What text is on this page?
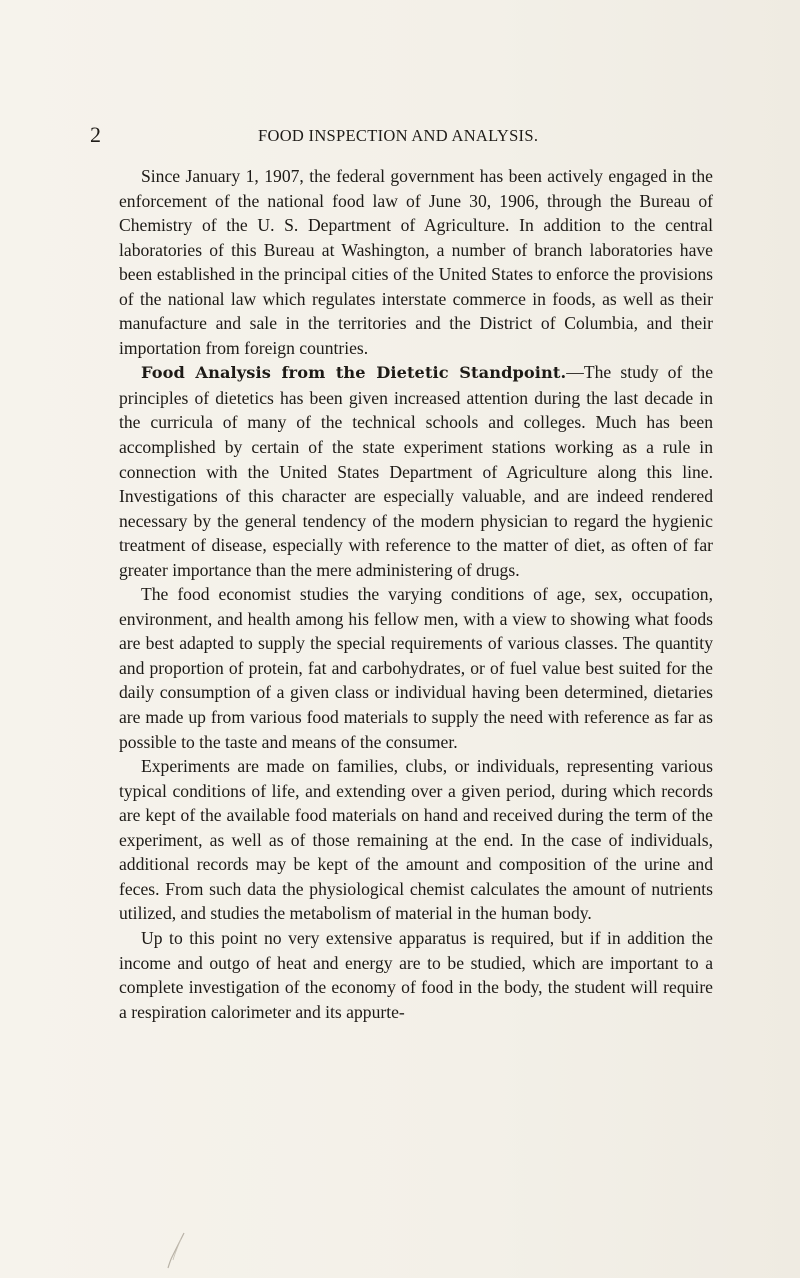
2	FOOD INSPECTION AND ANALYSIS.

Since January 1, 1907, the federal government has been actively engaged in the enforcement of the national food law of June 30, 1906, through the Bureau of Chemistry of the U. S. Department of Agriculture. In addition to the central laboratories of this Bureau at Washington, a number of branch laboratories have been established in the principal cities of the United States to enforce the provisions of the national law which regulates interstate commerce in foods, as well as their manufacture and sale in the territories and the District of Columbia, and their importation from foreign countries.

Food Analysis from the Dietetic Standpoint.—The study of the principles of dietetics has been given increased attention during the last decade in the curricula of many of the technical schools and colleges. Much has been accomplished by certain of the state experiment stations working as a rule in connection with the United States Department of Agriculture along this line. Investigations of this character are especially valuable, and are indeed rendered necessary by the general tendency of the modern physician to regard the hygienic treatment of disease, especially with reference to the matter of diet, as often of far greater importance than the mere administering of drugs.

The food economist studies the varying conditions of age, sex, occupation, environment, and health among his fellow men, with a view to showing what foods are best adapted to supply the special requirements of various classes. The quantity and proportion of protein, fat and carbohydrates, or of fuel value best suited for the daily consumption of a given class or individual having been determined, dietaries are made up from various food materials to supply the need with reference as far as possible to the taste and means of the consumer.

Experiments are made on families, clubs, or individuals, representing various typical conditions of life, and extending over a given period, during which records are kept of the available food materials on hand and received during the term of the experiment, as well as of those remaining at the end. In the case of individuals, additional records may be kept of the amount and composition of the urine and feces. From such data the physiological chemist calculates the amount of nutrients utilized, and studies the metabolism of material in the human body.

Up to this point no very extensive apparatus is required, but if in addition the income and outgo of heat and energy are to be studied, which are important to a complete investigation of the economy of food in the body, the student will require a respiration calorimeter and its appurte-
